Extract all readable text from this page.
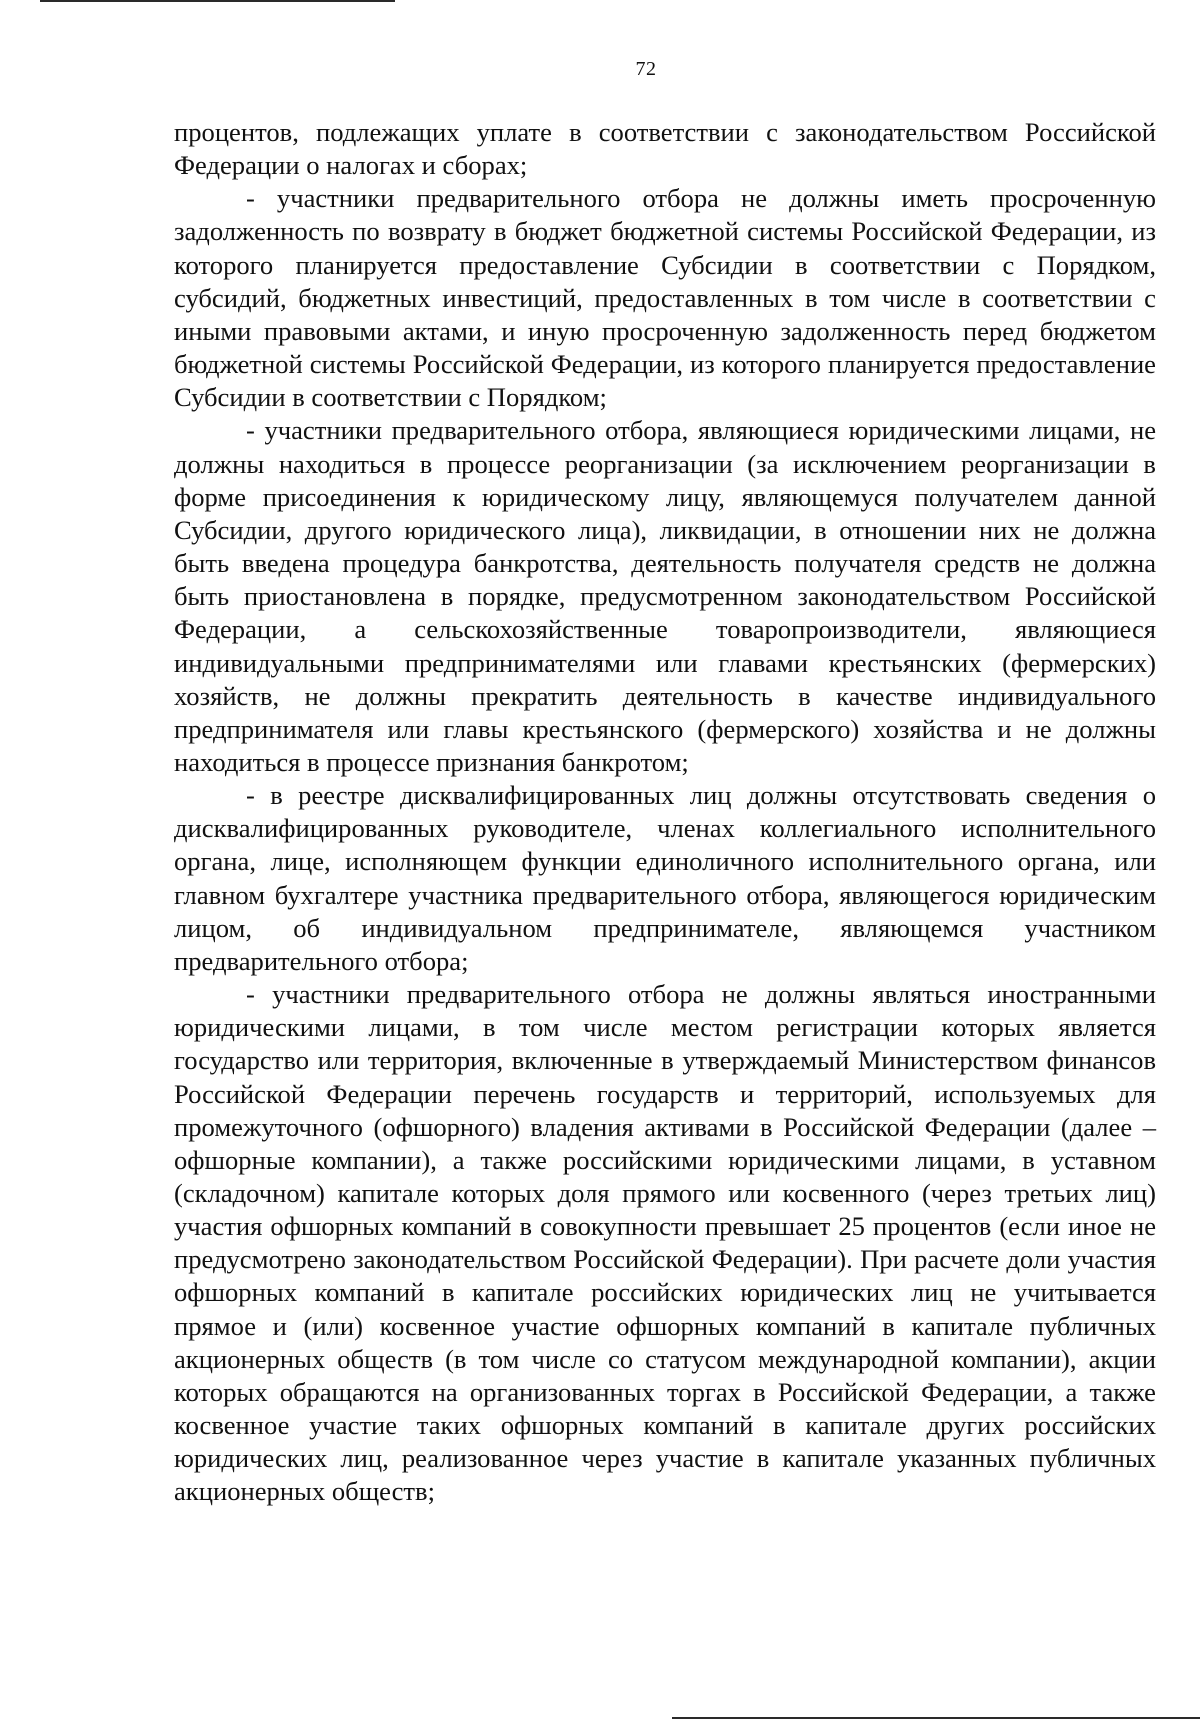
72

процентов, подлежащих уплате в соответствии с законодательством Российской Федерации о налогах и сборах;

- участники предварительного отбора не должны иметь просроченную задолженность по возврату в бюджет бюджетной системы Российской Федерации, из которого планируется предоставление Субсидии в соответствии с Порядком, субсидий, бюджетных инвестиций, предоставленных в том числе в соответствии с иными правовыми актами, и иную просроченную задолженность перед бюджетом бюджетной системы Российской Федерации, из которого планируется предоставление Субсидии в соответствии с Порядком;

- участники предварительного отбора, являющиеся юридическими лицами, не должны находиться в процессе реорганизации (за исключением реорганизации в форме присоединения к юридическому лицу, являющемуся получателем данной Субсидии, другого юридического лица), ликвидации, в отношении них не должна быть введена процедура банкротства, деятельность получателя средств не должна быть приостановлена в порядке, предусмотренном законодательством Российской Федерации, а сельскохозяйственные товаропроизводители, являющиеся индивидуальными предпринимателями или главами крестьянских (фермерских) хозяйств, не должны прекратить деятельность в качестве индивидуального предпринимателя или главы крестьянского (фермерского) хозяйства и не должны находиться в процессе признания банкротом;

- в реестре дисквалифицированных лиц должны отсутствовать сведения о дисквалифицированных руководителе, членах коллегиального исполнительного органа, лице, исполняющем функции единоличного исполнительного органа, или главном бухгалтере участника предварительного отбора, являющегося юридическим лицом, об индивидуальном предпринимателе, являющемся участником предварительного отбора;

- участники предварительного отбора не должны являться иностранными юридическими лицами, в том числе местом регистрации которых является государство или территория, включенные в утверждаемый Министерством финансов Российской Федерации перечень государств и территорий, используемых для промежуточного (офшорного) владения активами в Российской Федерации (далее – офшорные компании), а также российскими юридическими лицами, в уставном (складочном) капитале которых доля прямого или косвенного (через третьих лиц) участия офшорных компаний в совокупности превышает 25 процентов (если иное не предусмотрено законодательством Российской Федерации). При расчете доли участия офшорных компаний в капитале российских юридических лиц не учитывается прямое и (или) косвенное участие офшорных компаний в капитале публичных акционерных обществ (в том числе со статусом международной компании), акции которых обращаются на организованных торгах в Российской Федерации, а также косвенное участие таких офшорных компаний в капитале других российских юридических лиц, реализованное через участие в капитале указанных публичных акционерных обществ;
